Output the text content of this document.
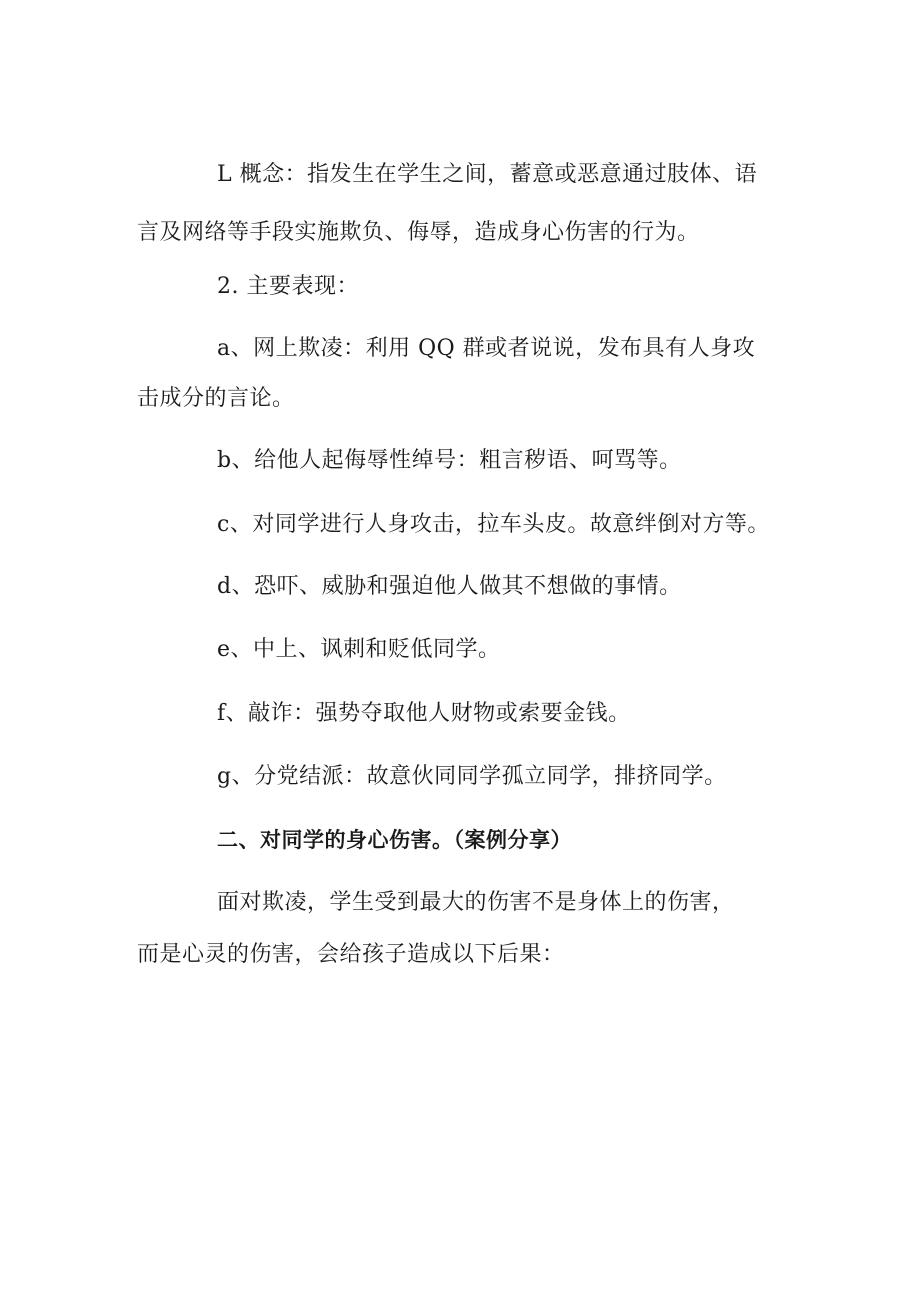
L 概念：指发生在学生之间，蓄意或恶意通过肢体、语
言及网络等手段实施欺负、侮辱，造成身心伤害的行为。
2. 主要表现：
a、网上欺凌：利用 QQ 群或者说说，发布具有人身攻
击成分的言论。
b、给他人起侮辱性绰号：粗言秽语、呵骂等。
c、对同学进行人身攻击，拉车头皮。故意绊倒对方等。
d、恐吓、威胁和强迫他人做其不想做的事情。
e、中上、讽刺和贬低同学。
f、敲诈：强势夺取他人财物或索要金钱。
g、分党结派：故意伙同同学孤立同学，排挤同学。
二、对同学的身心伤害。（案例分享）
面对欺凌，学生受到最大的伤害不是身体上的伤害，
而是心灵的伤害，会给孩子造成以下后果：
